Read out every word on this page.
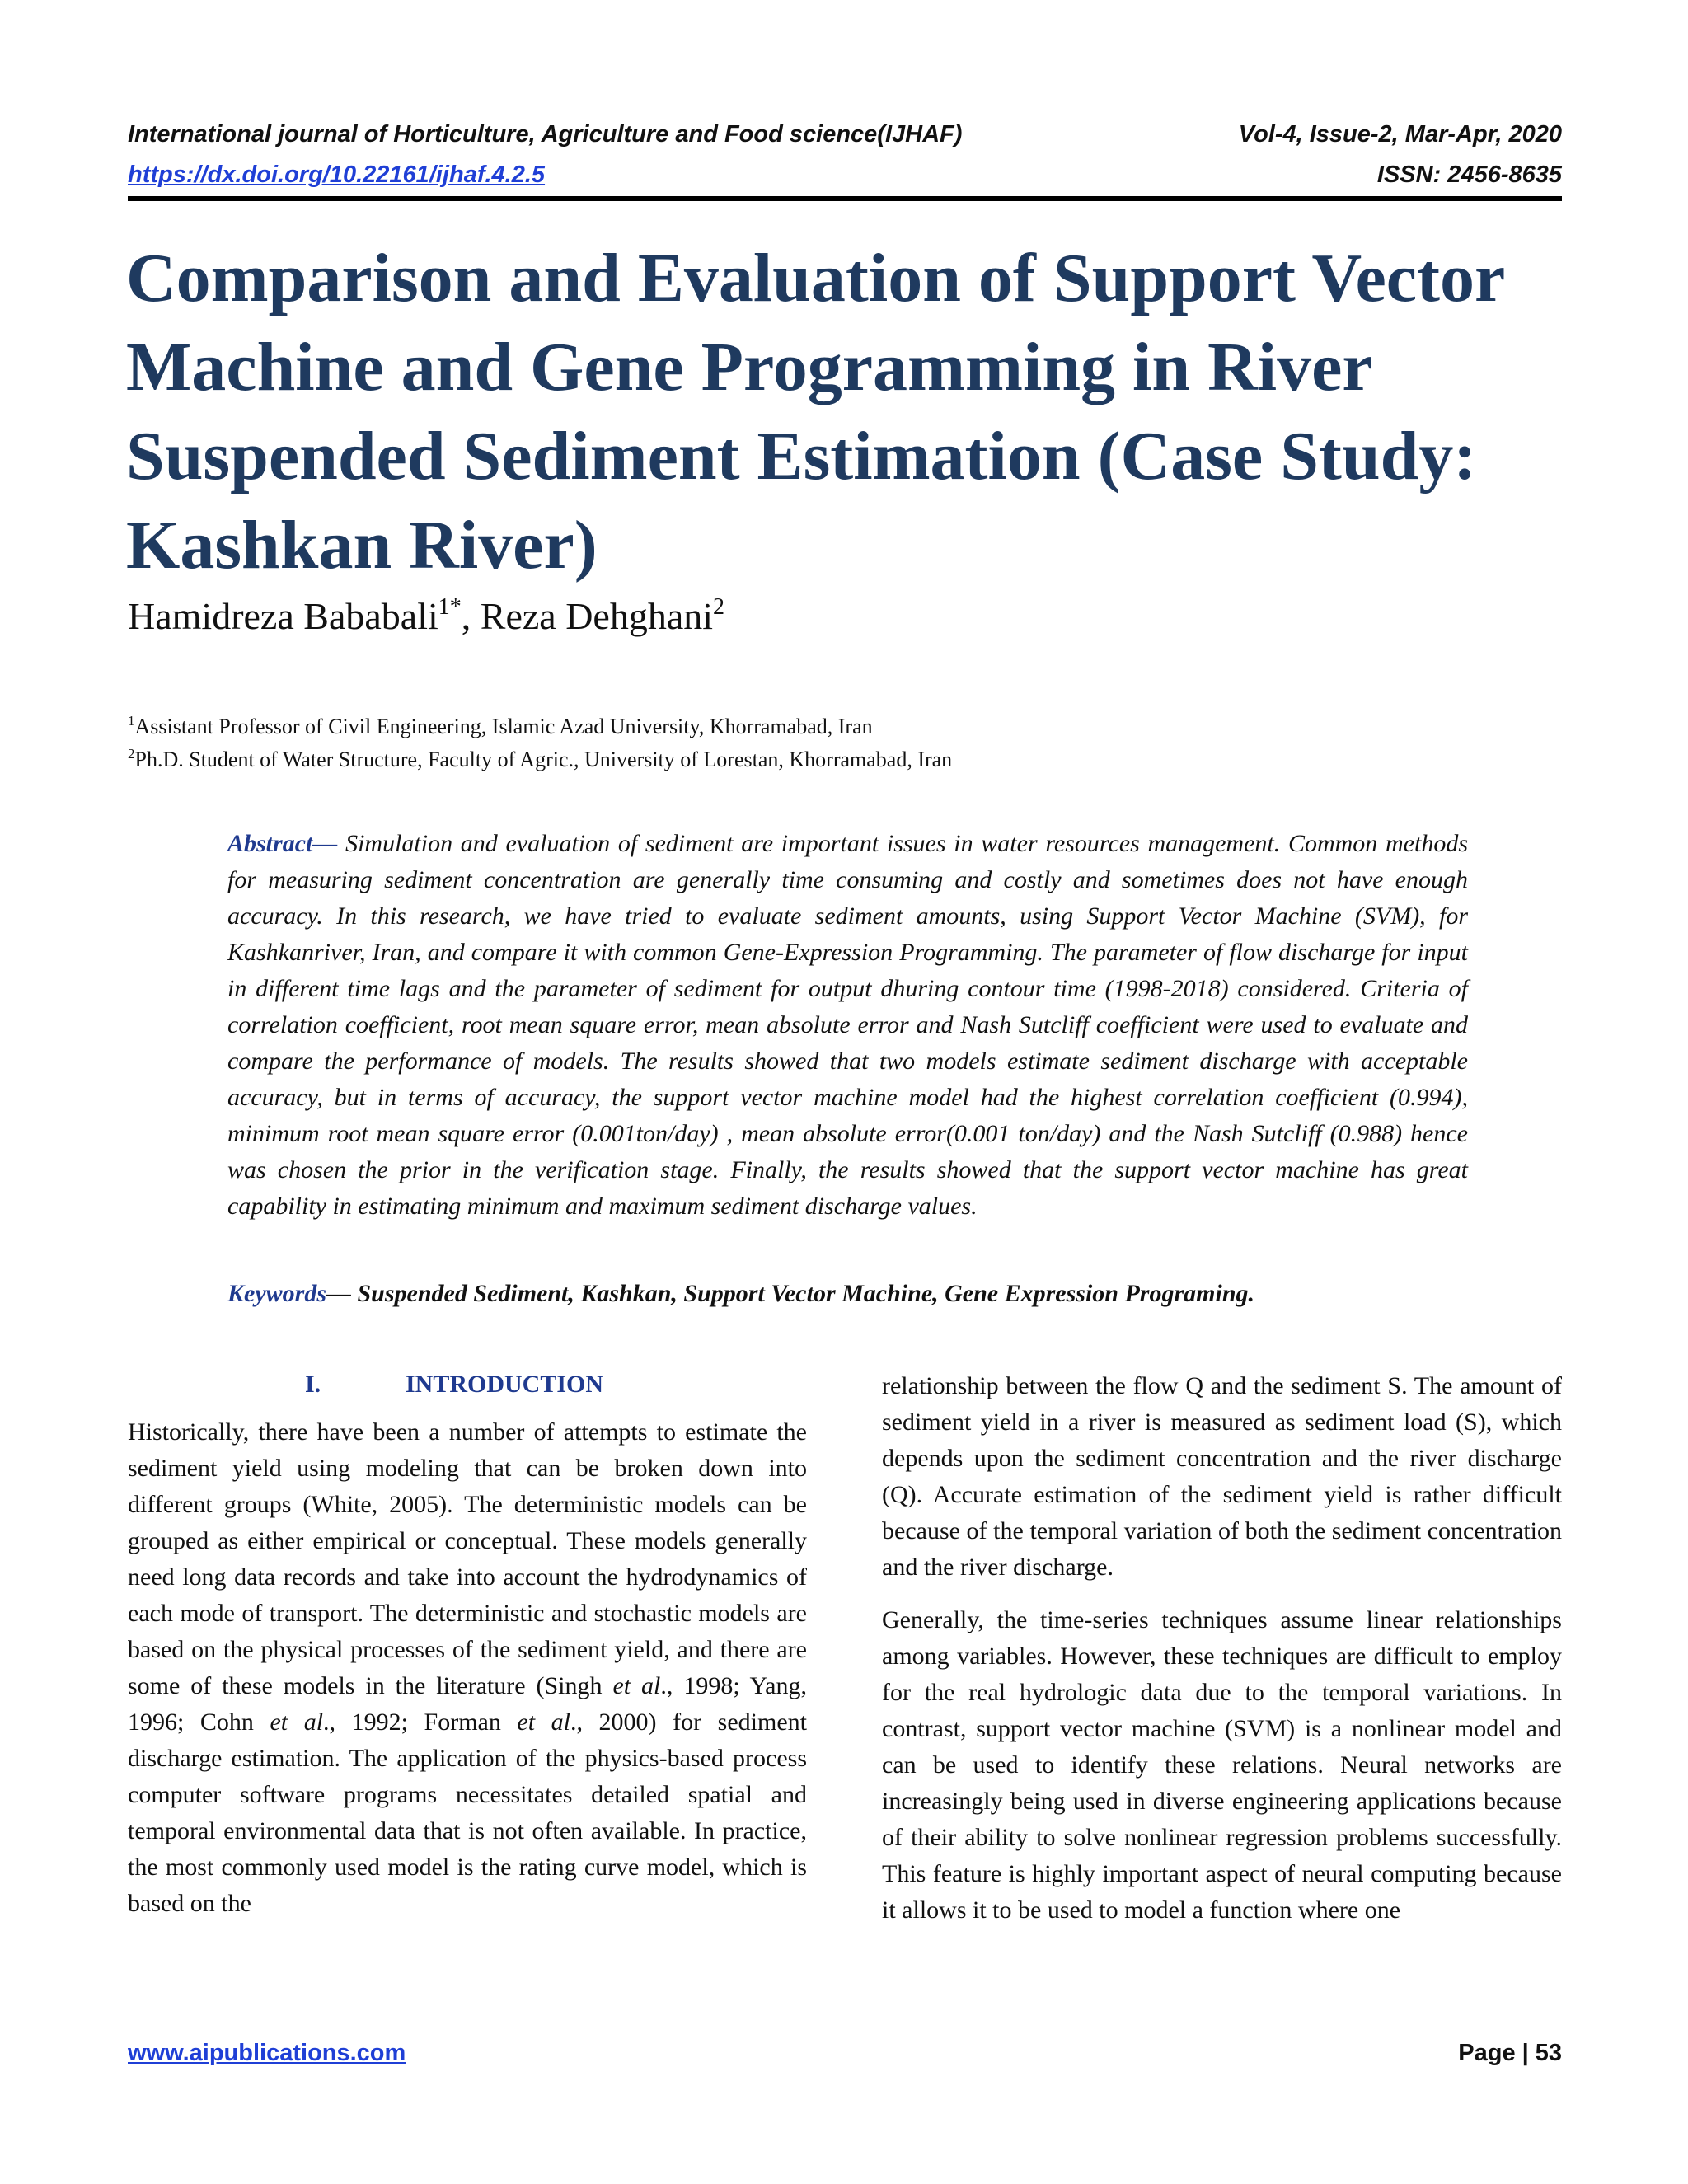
International journal of Horticulture, Agriculture and Food science(IJHAF)	Vol-4, Issue-2, Mar-Apr, 2020
https://dx.doi.org/10.22161/ijhaf.4.2.5	ISSN: 2456-8635
Comparison and Evaluation of Support Vector Machine and Gene Programming in River Suspended Sediment Estimation (Case Study: Kashkan River)
Hamidreza Bababali$^{1*}$, Reza Dehghani$^2$
$^1$Assistant Professor of Civil Engineering, Islamic Azad University, Khorramabad, Iran
$^2$Ph.D. Student of Water Structure, Faculty of Agric., University of Lorestan, Khorramabad, Iran

Abstract— Simulation and evaluation of sediment are important issues in water resources management. Common methods for measuring sediment concentration are generally time consuming and costly and sometimes does not have enough accuracy. In this research, we have tried to evaluate sediment amounts, using Support Vector Machine (SVM), for Kashkanriver, Iran, and compare it with common Gene-Expression Programming. The parameter of flow discharge for input in different time lags and the parameter of sediment for output dhuring contour time (1998-2018) considered. Criteria of correlation coefficient, root mean square error, mean absolute error and Nash Sutcliff coefficient were used to evaluate and compare the performance of models. The results showed that two models estimate sediment discharge with acceptable accuracy, but in terms of accuracy, the support vector machine model had the highest correlation coefficient (0.994), minimum root mean square error (0.001ton/day) , mean absolute error(0.001 ton/day) and the Nash Sutcliff (0.988) hence was chosen the prior in the verification stage. Finally, the results showed that the support vector machine has great capability in estimating minimum and maximum sediment discharge values.

Keywords— Suspended Sediment, Kashkan, Support Vector Machine, Gene Expression Programing.

I.	INTRODUCTION

Historically, there have been a number of attempts to estimate the sediment yield using modeling that can be broken down into different groups (White, 2005). The deterministic models can be grouped as either empirical or conceptual. These models generally need long data records and take into account the hydrodynamics of each mode of transport. The deterministic and stochastic models are based on the physical processes of the sediment yield, and there are some of these models in the literature (Singh et al., 1998; Yang, 1996; Cohn et al., 1992; Forman et al., 2000) for sediment discharge estimation. The application of the physics-based process computer software programs necessitates detailed spatial and temporal environmental data that is not often available. In practice, the most commonly used model is the rating curve model, which is based on the

relationship between the flow Q and the sediment S. The amount of sediment yield in a river is measured as sediment load (S), which depends upon the sediment concentration and the river discharge (Q). Accurate estimation of the sediment yield is rather difficult because of the temporal variation of both the sediment concentration and the river discharge.

Generally, the time-series techniques assume linear relationships among variables. However, these techniques are difficult to employ for the real hydrologic data due to the temporal variations. In contrast, support vector machine (SVM) is a nonlinear model and can be used to identify these relations. Neural networks are increasingly being used in diverse engineering applications because of their ability to solve nonlinear regression problems successfully. This feature is highly important aspect of neural computing because it allows it to be used to model a function where one

www.aipublications.com	Page | 53
